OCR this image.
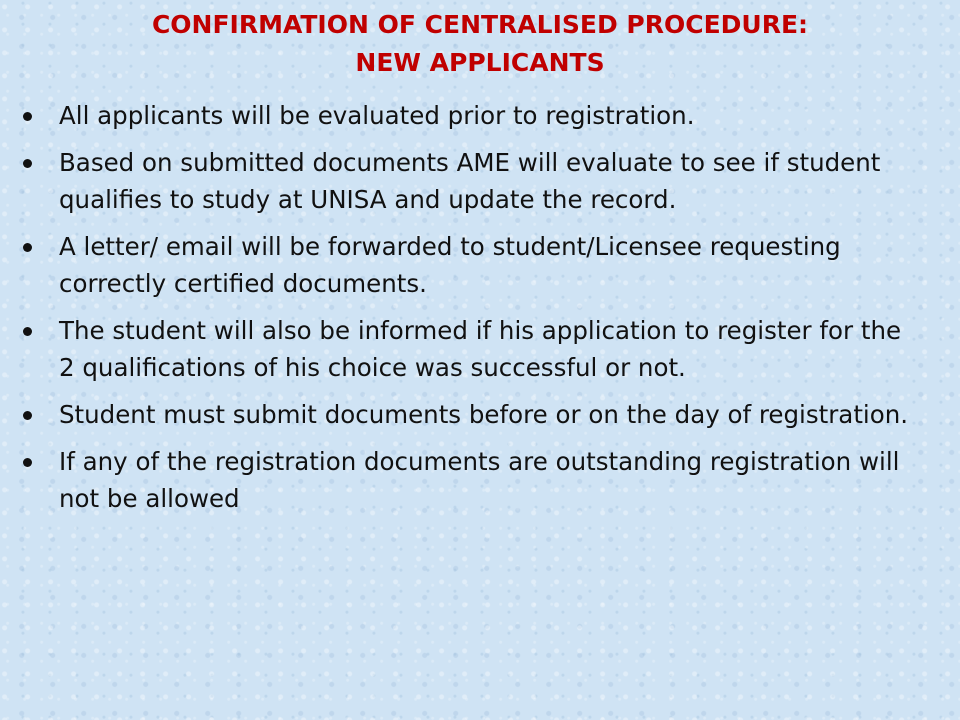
CONFIRMATION OF CENTRALISED PROCEDURE:
NEW APPLICANTS
All applicants will be evaluated prior to registration.
Based on submitted documents AME will evaluate to see if student qualifies to study at UNISA and update the record.
A letter/ email will be forwarded to student/Licensee requesting correctly certified documents.
The student will also be informed if his application to register for the 2 qualifications of his choice was successful or not.
Student must submit documents before or on the day of registration.
If any of the registration documents are outstanding registration will not be allowed
